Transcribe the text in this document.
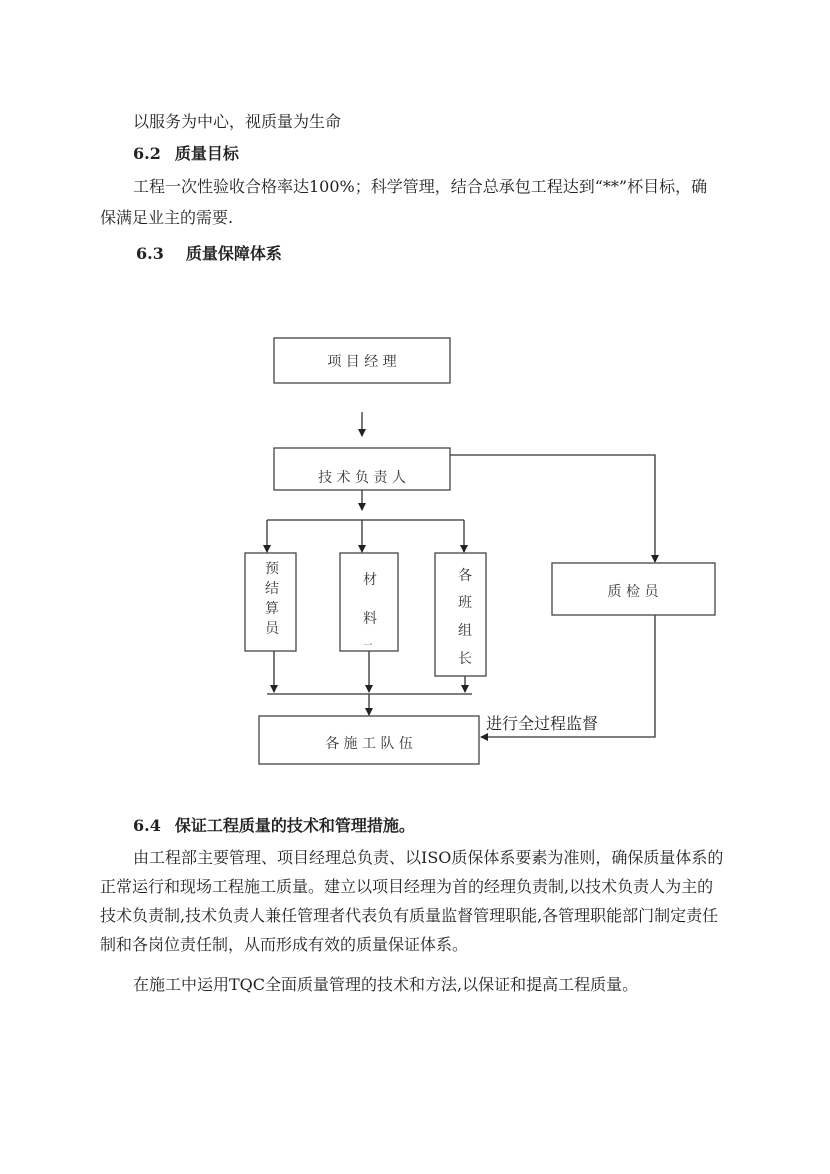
以服务为中心，视质量为生命
6.2 质量目标
工程一次性验收合格率达100%；科学管理，结合总承包工程达到“**”杯目标，确
保满足业主的需要.
6.3 质量保障体系
进行全过程监督
项 目 经 理
技 术 负 责 人
预
结
算
员
材
料
一
各
班
组
长
质 检 员
各 施 工 队 伍
6.4 保证工程质量的技术和管理措施。
由工程部主要管理、项目经理总负责、以ISO质保体系要素为准则，确保质量体系的
正常运行和现场工程施工质量。建立以项目经理为首的经理负责制,以技术负责人为主的
技术负责制,技术负责人兼任管理者代表负有质量监督管理职能,各管理职能部门制定责任
制和各岗位责任制，从而形成有效的质量保证体系。
在施工中运用TQC全面质量管理的技术和方法,以保证和提高工程质量。
